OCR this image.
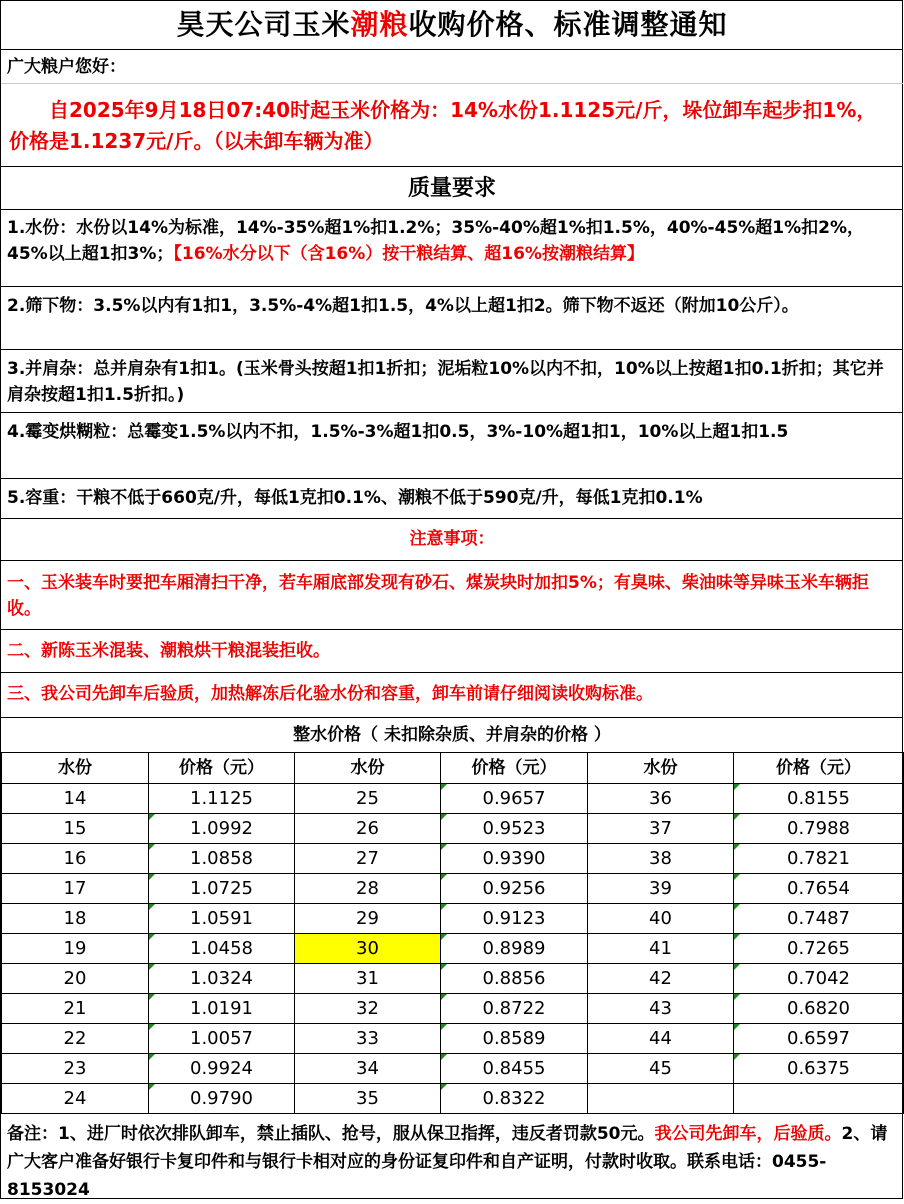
昊天公司玉米潮粮收购价格、标准调整通知
广大粮户您好：
自2025年9月18日07:40时起玉米价格为：14%水份1.1125元/斤，垛位卸车起步扣1%，价格是1.1237元/斤。（以未卸车辆为准）
质量要求
1.水份：水份以14%为标准，14%-35%超1%扣1.2%；35%-40%超1%扣1.5%，40%-45%超1%扣2%，45%以上超1扣3%；【16%水分以下（含16%）按干粮结算、超16%按潮粮结算】
2.筛下物：3.5%以内有1扣1，3.5%-4%超1扣1.5，4%以上超1扣2。筛下物不返还（附加10公斤）。
3.并肩杂：总并肩杂有1扣1。(玉米骨头按超1扣1折扣；泥垢粒10%以内不扣，10%以上按超1扣0.1折扣；其它并肩杂按超1扣1.5折扣。)
4.霉变烘糊粒：总霉变1.5%以内不扣，1.5%-3%超1扣0.5，3%-10%超1扣1，10%以上超1扣1.5
5.容重：干粮不低于660克/升，每低1克扣0.1%、潮粮不低于590克/升，每低1克扣0.1%
注意事项：
一、玉米装车时要把车厢清扫干净，若车厢底部发现有砂石、煤炭块时加扣5%；有臭味、柴油味等异味玉米车辆拒收。
二、新陈玉米混装、潮粮烘干粮混装拒收。
三、我公司先卸车后验质，加热解冻后化验水份和容重，卸车前请仔细阅读收购标准。
整水价格（ 未扣除杂质、并肩杂的价格 ）
水份	价格（元）	水份	价格（元）	水份	价格（元）
14	1.1125	25	0.9657	36	0.8155
15	1.0992	26	0.9523	37	0.7988
16	1.0858	27	0.9390	38	0.7821
17	1.0725	28	0.9256	39	0.7654
18	1.0591	29	0.9123	40	0.7487
19	1.0458	30	0.8989	41	0.7265
20	1.0324	31	0.8856	42	0.7042
21	1.0191	32	0.8722	43	0.6820
22	1.0057	33	0.8589	44	0.6597
23	0.9924	34	0.8455	45	0.6375
24	0.9790	35	0.8322		
备注：1、进厂时依次排队卸车，禁止插队、抢号，服从保卫指挥，违反者罚款50元。我公司先卸车，后验质。2、请广大客户准备好银行卡复印件和与银行卡相对应的身份证复印件和自产证明，付款时收取。联系电话：0455-8153024
